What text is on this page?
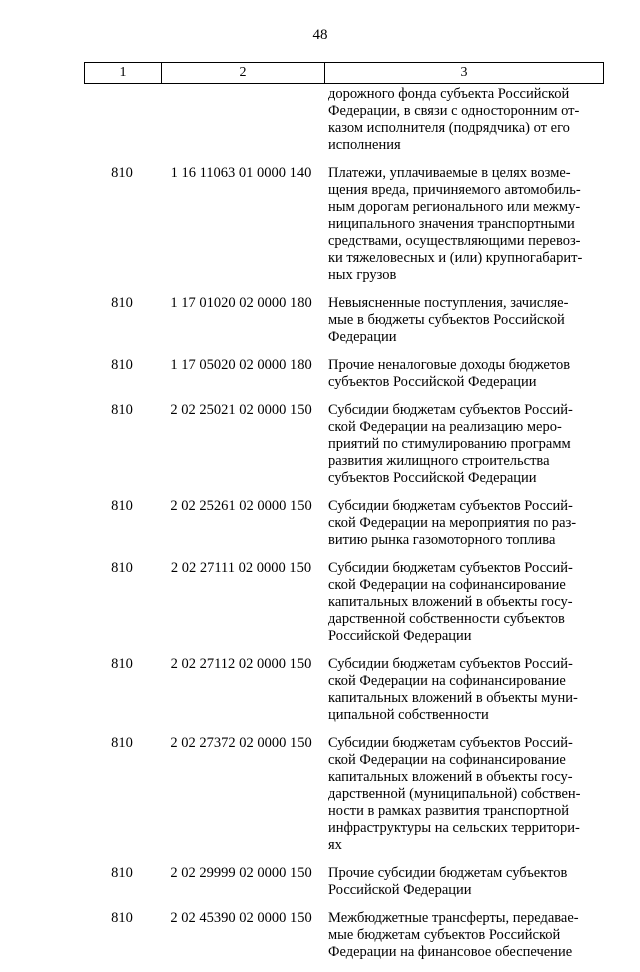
48
1	2	3
дорожного фонда субъекта Российской
Федерации, в связи с односторонним от-
казом исполнителя (подрядчика) от его
исполнения
810	1 16 11063 01 0000 140	Платежи, уплачиваемые в целях возме-
щения вреда, причиняемого автомобиль-
ным дорогам регионального или межму-
ниципального значения транспортными
средствами, осуществляющими перевоз-
ки тяжеловесных и (или) крупногабарит-
ных грузов
810	1 17 01020 02 0000 180	Невыясненные поступления, зачисляе-
мые в бюджеты субъектов Российской
Федерации
810	1 17 05020 02 0000 180	Прочие неналоговые доходы бюджетов
субъектов Российской Федерации
810	2 02 25021 02 0000 150	Субсидии бюджетам субъектов Россий-
ской Федерации на реализацию меро-
приятий по стимулированию программ
развития жилищного строительства
субъектов Российской Федерации
810	2 02 25261 02 0000 150	Субсидии бюджетам субъектов Россий-
ской Федерации на мероприятия по раз-
витию рынка газомоторного топлива
810	2 02 27111 02 0000 150	Субсидии бюджетам субъектов Россий-
ской Федерации на софинансирование
капитальных вложений в объекты госу-
дарственной собственности субъектов
Российской Федерации
810	2 02 27112 02 0000 150	Субсидии бюджетам субъектов Россий-
ской Федерации на софинансирование
капитальных вложений в объекты муни-
ципальной собственности
810	2 02 27372 02 0000 150	Субсидии бюджетам субъектов Россий-
ской Федерации на софинансирование
капитальных вложений в объекты госу-
дарственной (муниципальной) собствен-
ности в рамках развития транспортной
инфраструктуры на сельских территори-
ях
810	2 02 29999 02 0000 150	Прочие субсидии бюджетам субъектов
Российской Федерации
810	2 02 45390 02 0000 150	Межбюджетные трансферты, передавае-
мые бюджетам субъектов Российской
Федерации на финансовое обеспечение
